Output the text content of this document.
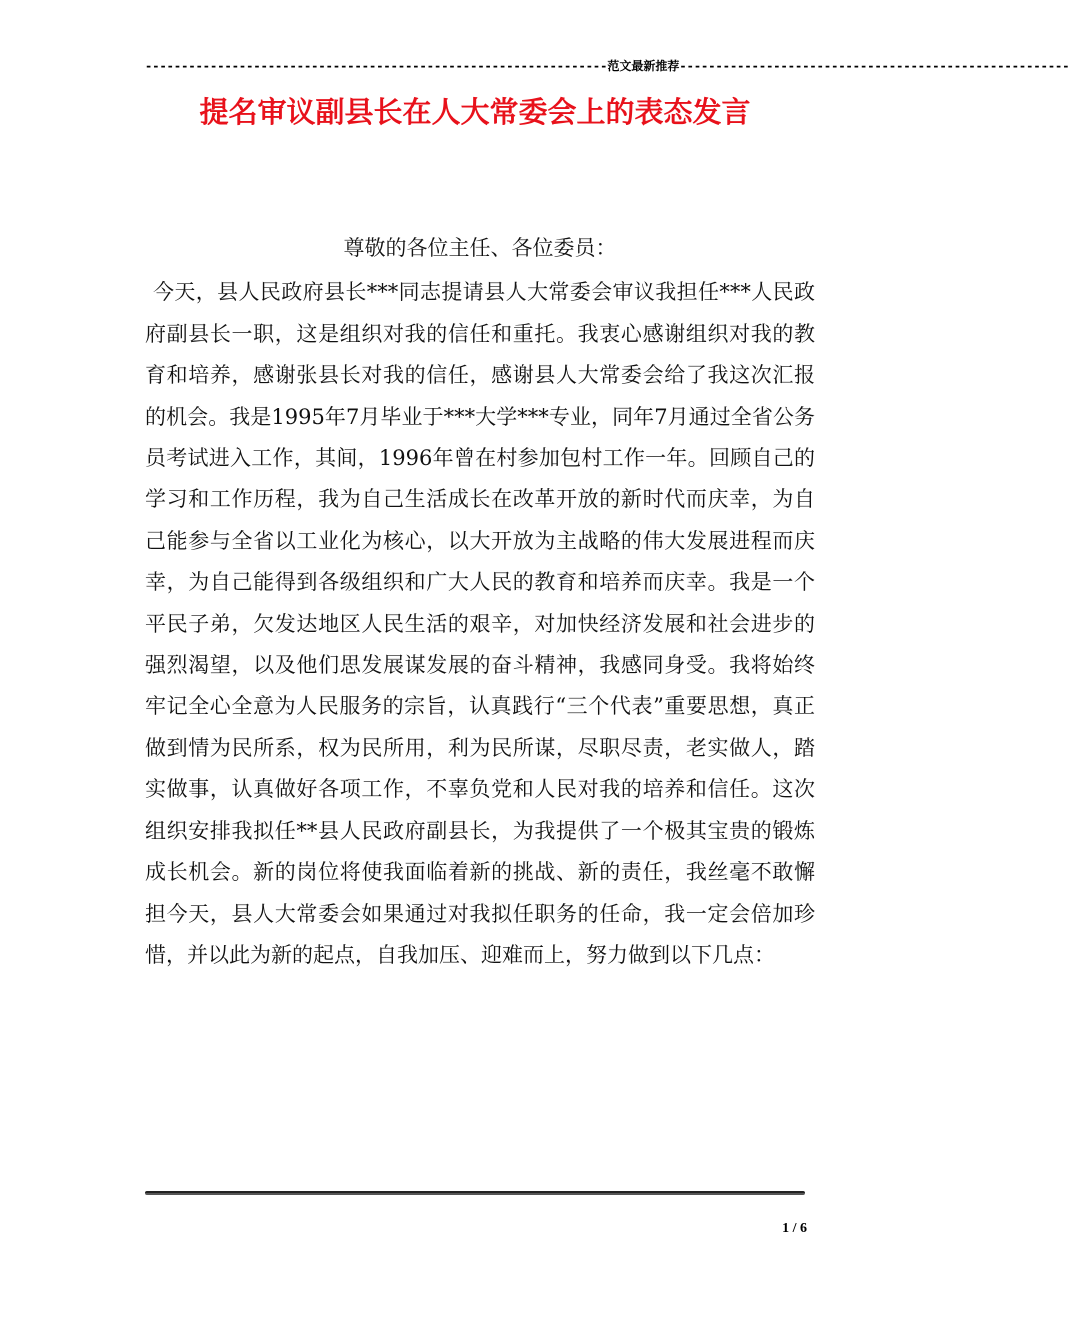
----------------------------------------------------------------范文最新推荐------------------------------------------------------
提名审议副县长在人大常委会上的表态发言

尊敬的各位主任、各位委员：

今天，县人民政府县长***同志提请县人大常委会审议我担任***人民政府副县长一职，这是组织对我的信任和重托。我衷心感谢组织对我的教育和培养，感谢张县长对我的信任，感谢县人大常委会给了我这次汇报的机会。我是1995年7月毕业于***大学***专业，同年7月通过全省公务员考试进入工作，其间，1996年曾在村参加包村工作一年。回顾自己的学习和工作历程，我为自己生活成长在改革开放的新时代而庆幸，为自己能参与全省以工业化为核心，以大开放为主战略的伟大发展进程而庆幸，为自己能得到各级组织和广大人民的教育和培养而庆幸。我是一个平民子弟，欠发达地区人民生活的艰辛，对加快经济发展和社会进步的强烈渴望，以及他们思发展谋发展的奋斗精神，我感同身受。我将始终牢记全心全意为人民服务的宗旨，认真践行“三个代表”重要思想，真正做到情为民所系，权为民所用，利为民所谋，尽职尽责，老实做人，踏实做事，认真做好各项工作，不辜负党和人民对我的培养和信任。这次组织安排我拟任**县人民政府副县长，为我提供了一个极其宝贵的锻炼成长机会。新的岗位将使我面临着新的挑战、新的责任，我丝毫不敢懈担今天，县人大常委会如果通过对我拟任职务的任命，我一定会倍加珍惜，并以此为新的起点，自我加压、迎难而上，努力做到以下几点：

1 / 6
